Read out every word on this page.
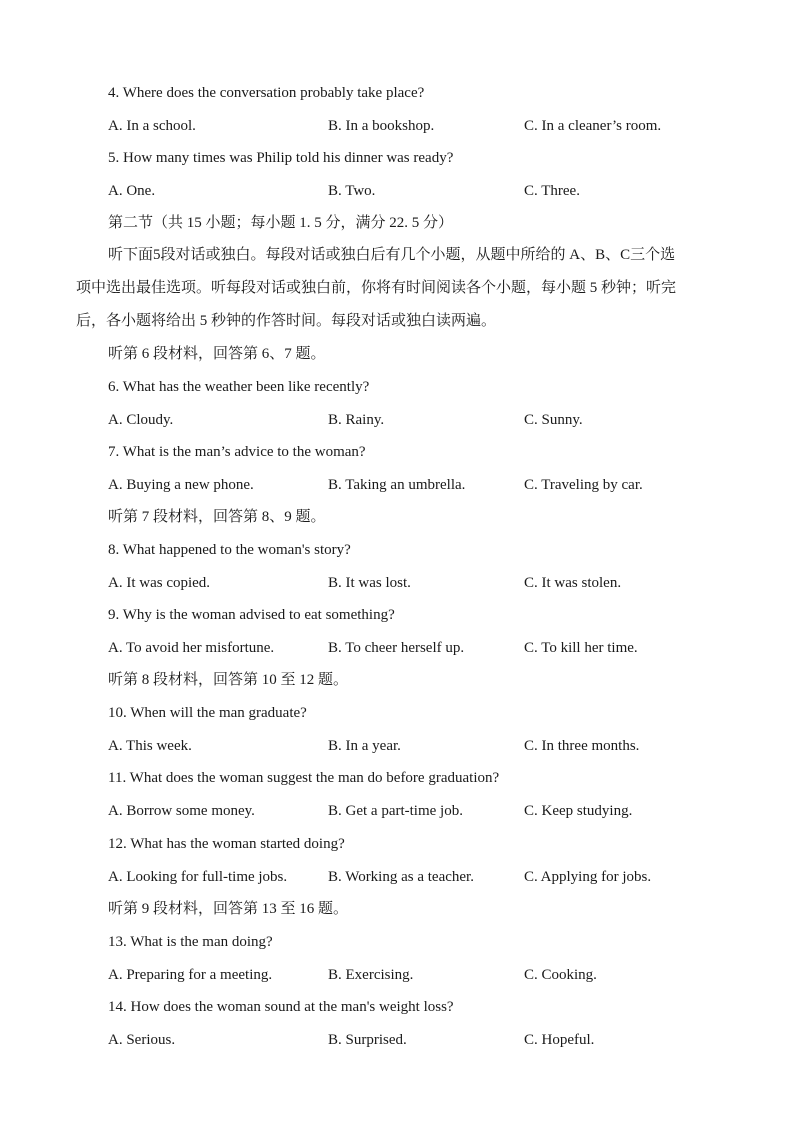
4. Where does the conversation probably take place?
A. In a school.	B. In a bookshop.	C. In a cleaner’s room.
5. How many times was Philip told his dinner was ready?
A. One.	B. Two.	C. Three.
第二节（共 15 小题；每小题 1. 5 分，满分 22. 5 分）
听下面5段对话或独白。每段对话或独白后有几个小题，从题中所给的 A、B、C三个选
项中选出最佳选项。听每段对话或独白前，你将有时间阅读各个小题，每小题 5 秒钟；听完
后，各小题将给出 5 秒钟的作答时间。每段对话或独白读两遍。
听第 6 段材料，回答第 6、7 题。
6. What has the weather been like recently?
A. Cloudy.	B. Rainy.	C. Sunny.
7. What is the man’s advice to the woman?
A. Buying a new phone.	B. Taking an umbrella.	C. Traveling by car.
听第 7 段材料，回答第 8、9 题。
8. What happened to the woman's story?
A. It was copied.	B. It was lost.	C. It was stolen.
9. Why is the woman advised to eat something?
A. To avoid her misfortune.	B. To cheer herself up.	C. To kill her time.
听第 8 段材料，回答第 10 至 12 题。
10. When will the man graduate?
A. This week.	B. In a year.	C. In three months.
11. What does the woman suggest the man do before graduation?
A. Borrow some money.	B. Get a part-time job.	C. Keep studying.
12. What has the woman started doing?
A. Looking for full-time jobs.	B. Working as a teacher.	C. Applying for jobs.
听第 9 段材料，回答第 13 至 16 题。
13. What is the man doing?
A. Preparing for a meeting.	B. Exercising.	C. Cooking.
14. How does the woman sound at the man's weight loss?
A. Serious.	B. Surprised.	C. Hopeful.
